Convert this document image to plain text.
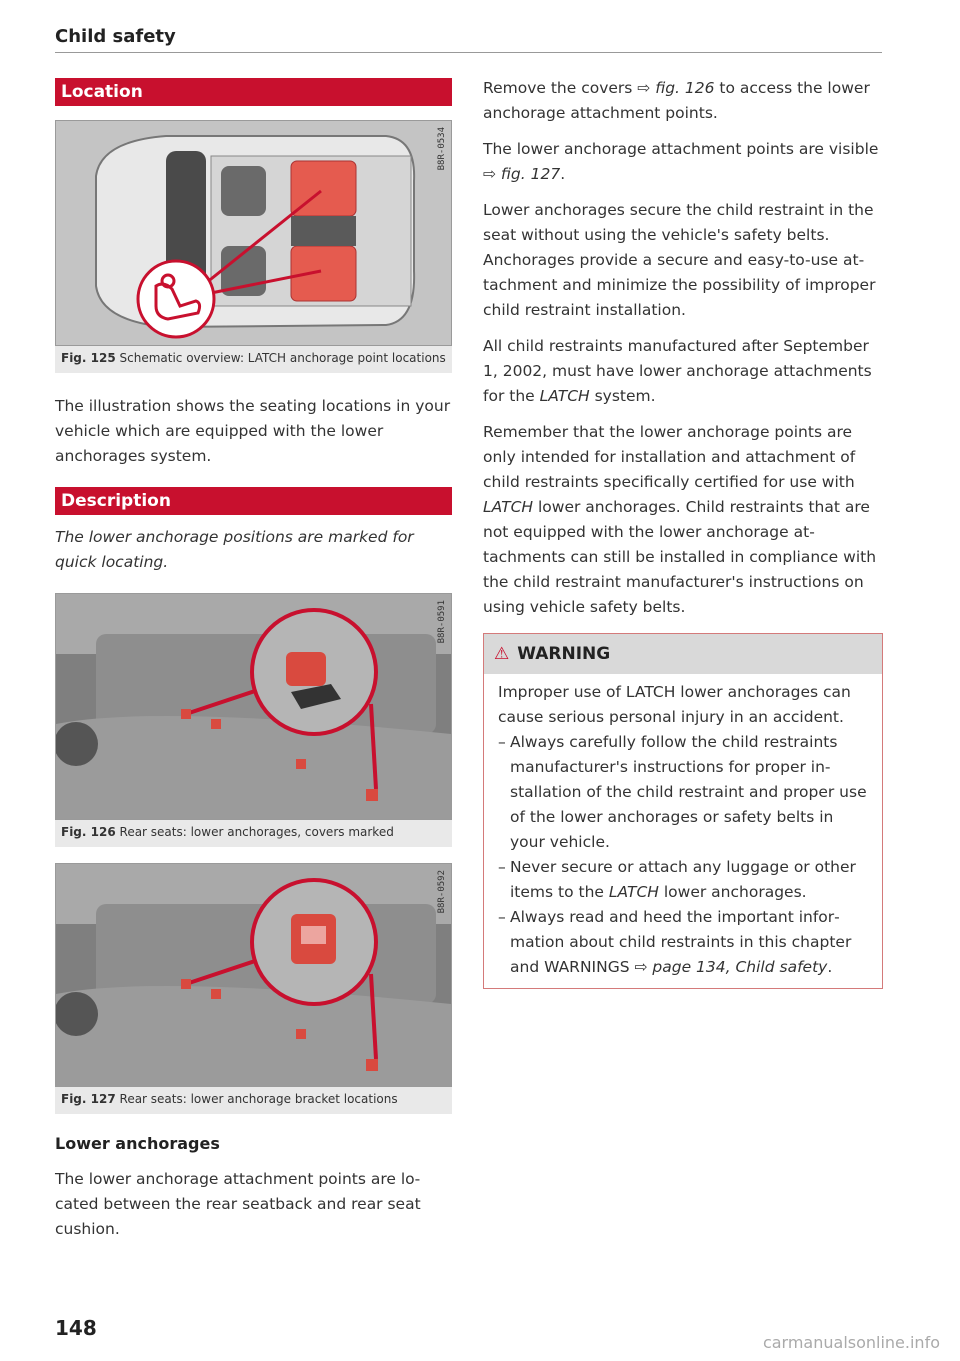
Child safety
Location
B8R-0534
Fig. 125 Schematic overview: LATCH anchorage point locations

The illustration shows the seating locations in your vehicle which are equipped with the lower anchorages system.

Description

The lower anchorage positions are marked for quick locating.

B8R-0591
Fig. 126 Rear seats: lower anchorages, covers marked
B8R-0592
Fig. 127 Rear seats: lower anchorage bracket locations
Lower anchorages

The lower anchorage attachment points are located between the rear seatback and rear seat cushion.

Remove the covers ⇨ fig. 126 to access the lower anchorage attachment points.

The lower anchorage attachment points are visible ⇨ fig. 127.

Lower anchorages secure the child restraint in the seat without using the vehicle's safety belts. Anchorages provide a secure and easy-to-use attachment and minimize the possibility of improper child restraint installation.

All child restraints manufactured after September 1, 2002, must have lower anchorage attachments for the LATCH system.

Remember that the lower anchorage points are only intended for installation and attachment of child restraints specifically certified for use with LATCH lower anchorages. Child restraints that are not equipped with the lower anchorage attachments can still be installed in compliance with the child restraint manufacturer's instructions on using vehicle safety belts.

⚠ WARNING

Improper use of LATCH lower anchorages can cause serious personal injury in an accident.

– Always carefully follow the child restraints manufacturer's instructions for proper installation of the child restraint and proper use of the lower anchorages or safety belts in your vehicle.
– Never secure or attach any luggage or other items to the LATCH lower anchorages.
– Always read and heed the important information about child restraints in this chapter and WARNINGS ⇨ page 134, Child safety.
148
carmanualsonline.info
